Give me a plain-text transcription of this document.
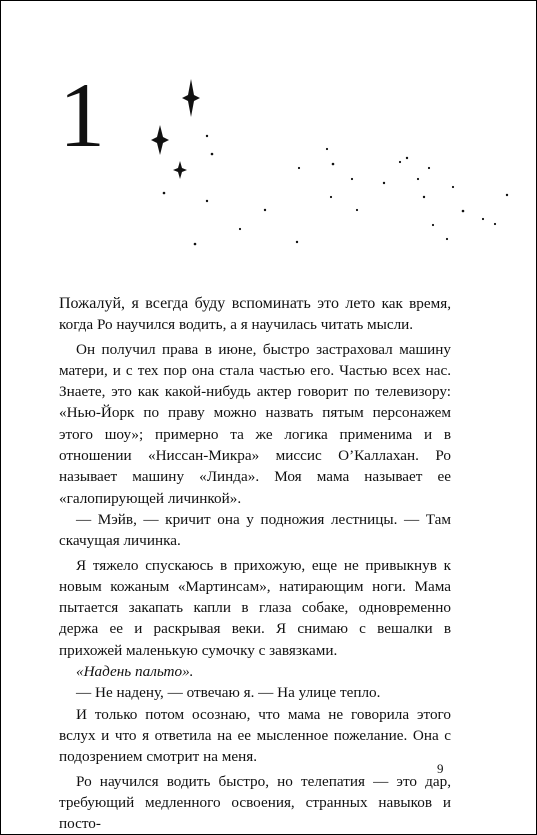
1

Пожалуй, я всегда буду вспоминать это лето как время, когда Ро научился водить, а я научилась читать мысли.

Он получил права в июне, быстро застраховал машину матери, и с тех пор она стала частью его. Частью всех нас. Знаете, это как какой-нибудь актер говорит по телевизору: «Нью-Йорк по праву можно назвать пятым персонажем этого шоу»; примерно та же логика применима и в отношении «Ниссан-Микра» миссис О’Каллахан. Ро называет машину «Линда». Моя мама называет ее «галопирующей личинкой».

— Мэйв, — кричит она у подножия лестницы. — Там скачущая личинка.

Я тяжело спускаюсь в прихожую, еще не привыкнув к новым кожаным «Мартинсам», натирающим ноги. Мама пытается закапать капли в глаза собаке, одновременно держа ее и раскрывая веки. Я снимаю с вешалки в прихожей маленькую сумочку с завязками.

«Надень пальто».

— Не надену, — отвечаю я. — На улице тепло.

И только потом осознаю, что мама не говорила этого вслух и что я ответила на ее мысленное пожелание. Она с подозрением смотрит на меня.

Ро научился водить быстро, но телепатия — это дар, требующий медленного освоения, странных навыков и посто-

9
